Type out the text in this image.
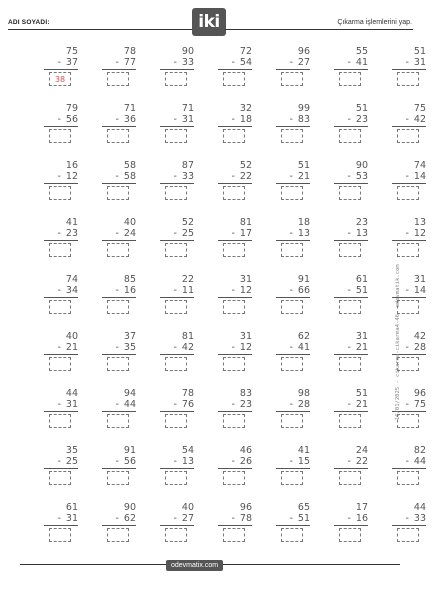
ADI SOYADI:	iki	Çıkarma işlemlerini yap.
75
- 37
38
78
- 77
90
- 33
72
- 54
96
- 27
55
- 41
51
- 31
79
- 56
71
- 36
71
- 31
32
- 18
99
- 83
51
- 23
75
- 42
16
- 12
58
- 58
87
- 33
52
- 22
51
- 21
90
- 53
74
- 14
41
- 23
40
- 24
52
- 25
81
- 17
18
- 13
23
- 13
13
- 12
74
- 34
85
- 16
22
- 11
31
- 12
91
- 66
61
- 51
31
- 14
40
- 21
37
- 35
81
- 42
31
- 12
62
- 41
31
- 21
42
- 28
44
- 31
94
- 44
78
- 76
83
- 23
98
- 28
51
- 21
96
- 75
35
- 25
91
- 56
54
- 13
46
- 26
41
- 15
24
- 22
82
- 44
61
- 31
90
- 62
40
- 27
96
- 78
65
- 51
17
- 16
44
- 33
16/01/2025 - cikarma-cikarma4-46- odevmatik.com
odevmatix.com
